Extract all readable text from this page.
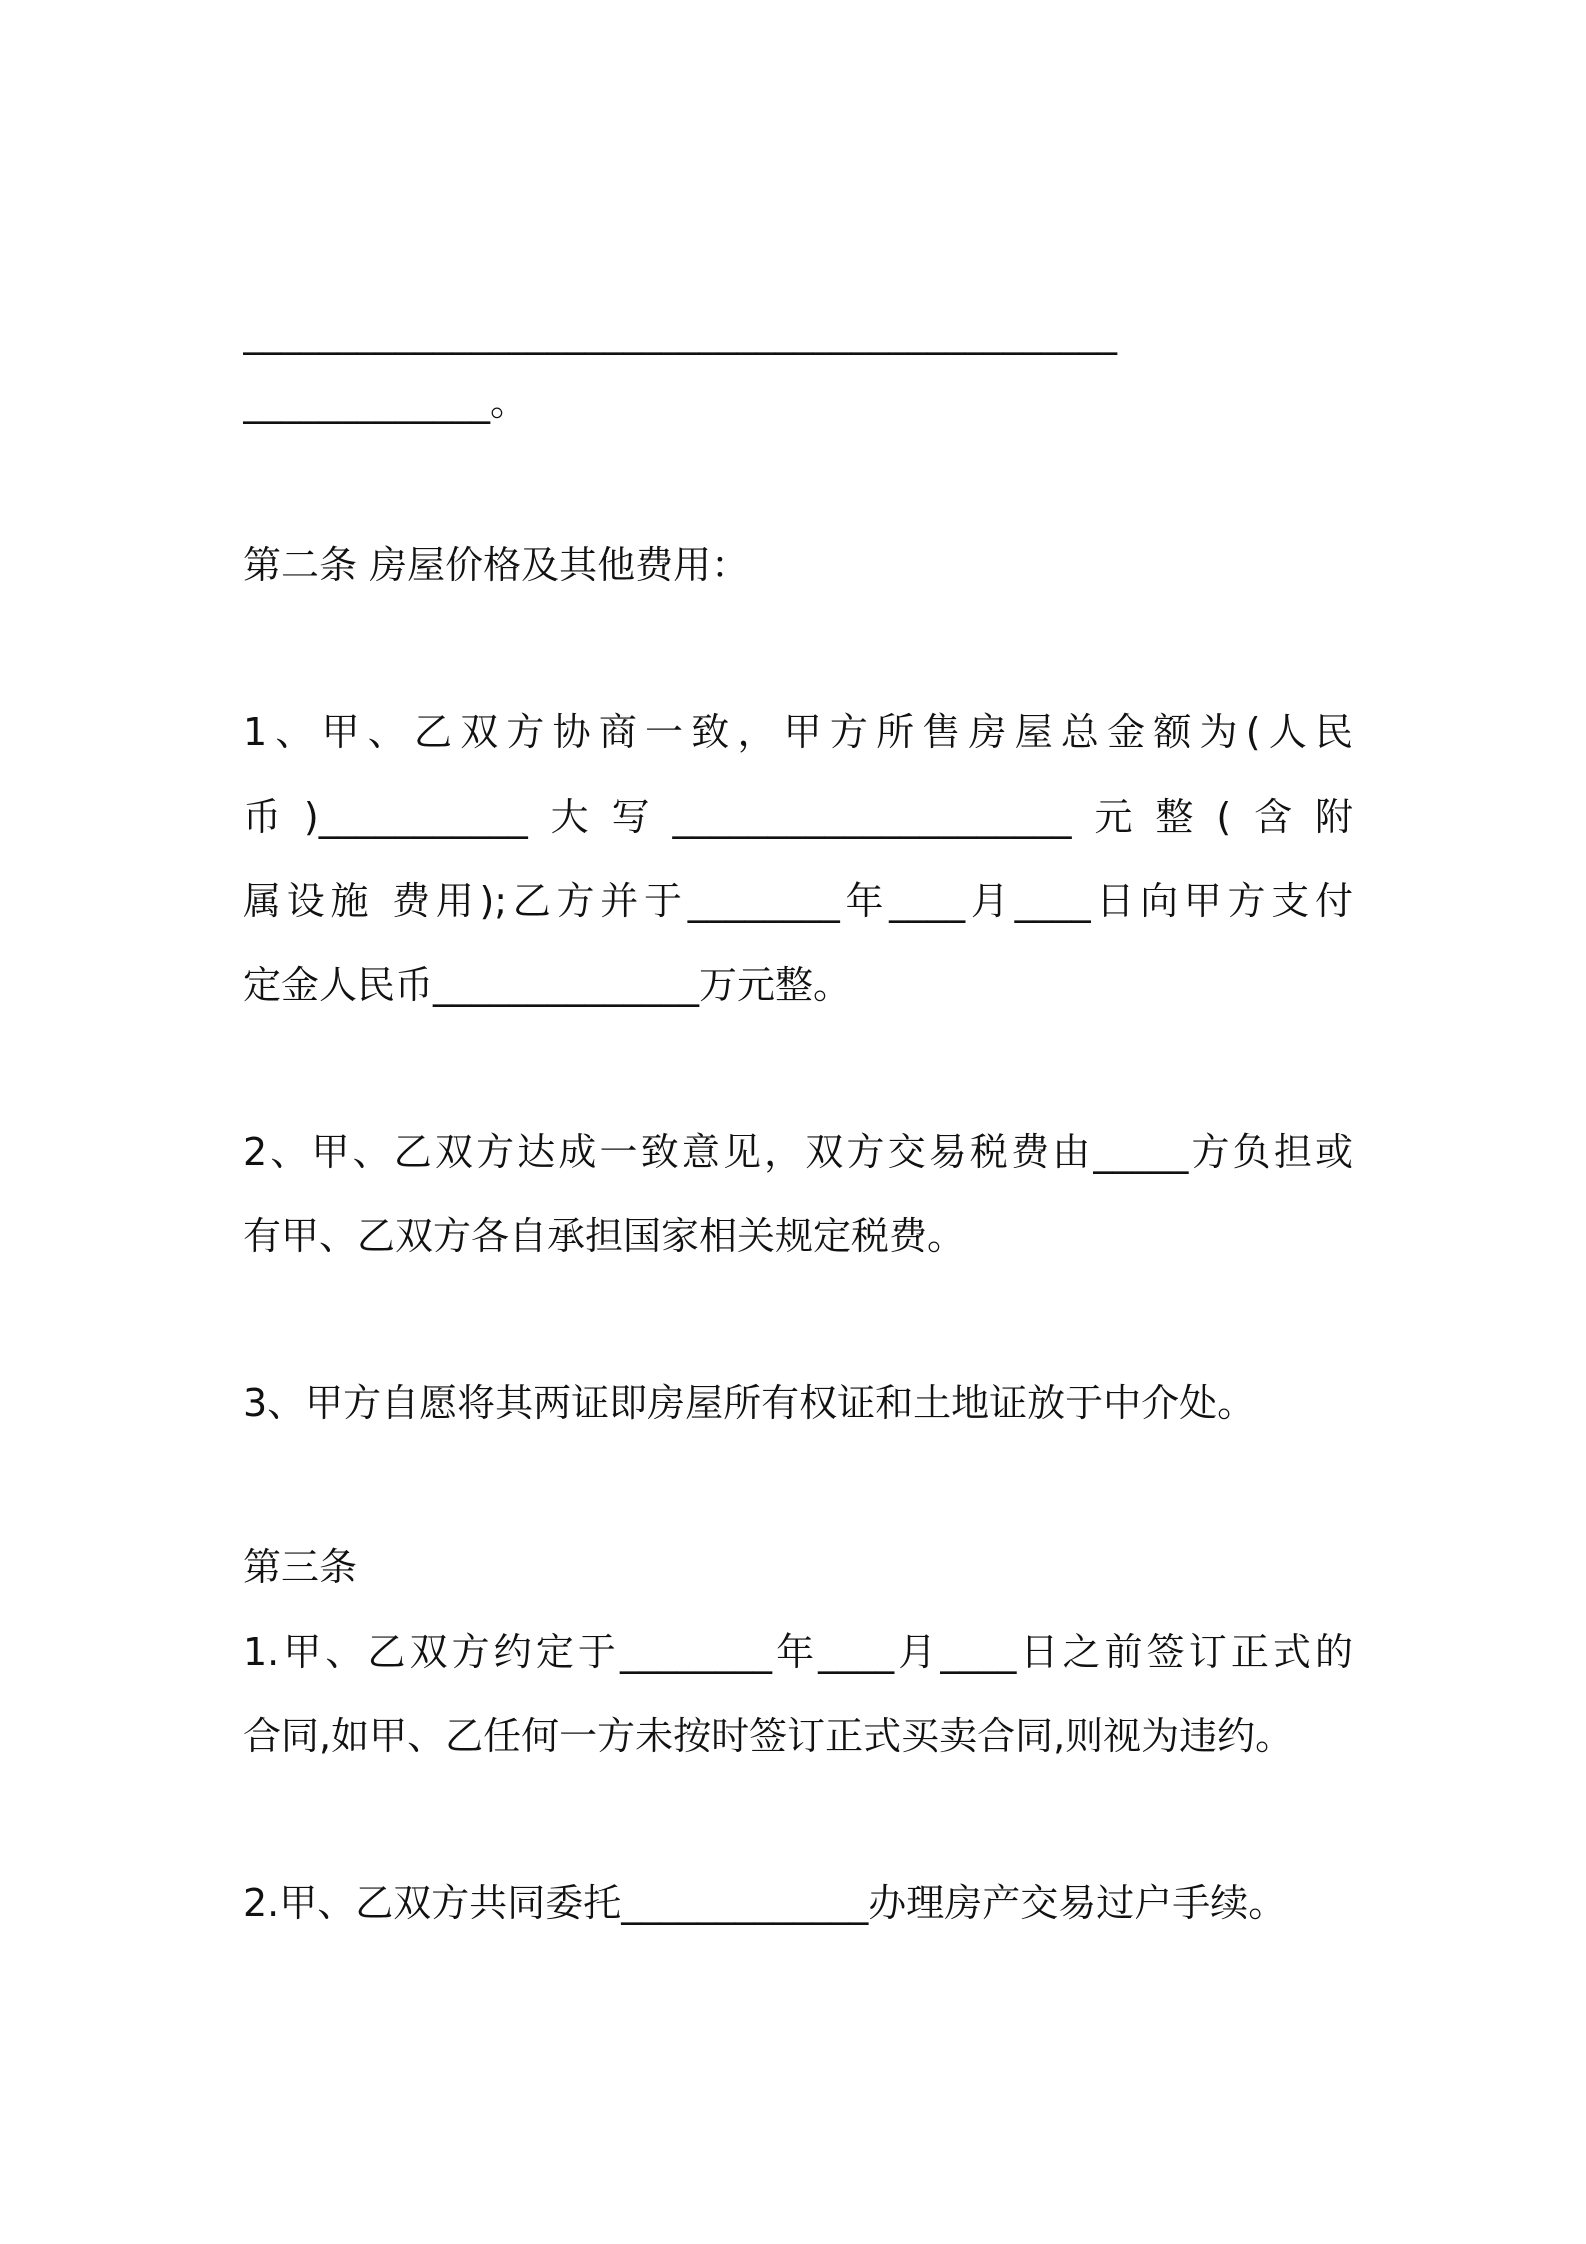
______________________________________________
_____________。
第二条 房屋价格及其他费用：
1、甲、乙双方协商一致，甲方所售房屋总金额为(人民
币)___________大写_____________________元整(含附
属设施 费用);乙方并于________年____月____日向甲方支付
定金人民币______________万元整。
2、甲、乙双方达成一致意见，双方交易税费由_____方负担或
有甲、乙双方各自承担国家相关规定税费。
3、甲方自愿将其两证即房屋所有权证和土地证放于中介处。
第三条
1.甲、乙双方约定于________年____月____日之前签订正式的
合同,如甲、乙任何一方未按时签订正式买卖合同,则视为违约。
2.甲、乙双方共同委托_____________办理房产交易过户手续。
